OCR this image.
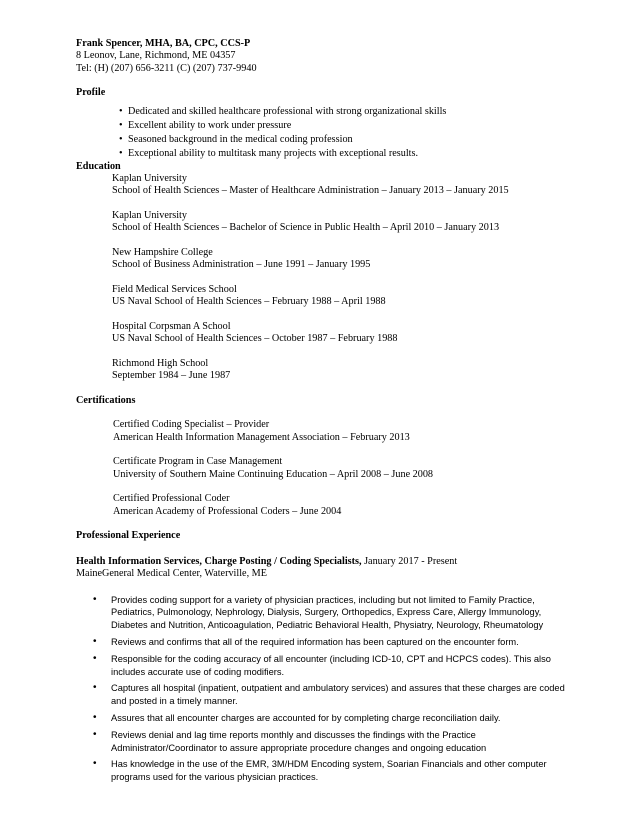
Frank Spencer, MHA, BA, CPC, CCS-P
8 Leonov, Lane, Richmond, ME 04357
Tel: (H) (207) 656-3211 (C) (207) 737-9940
Profile
• Dedicated and skilled healthcare professional with strong organizational skills
• Excellent ability to work under pressure
• Seasoned background in the medical coding profession
• Exceptional ability to multitask many projects with exceptional results.
Education
Kaplan University
School of Health Sciences – Master of Healthcare Administration – January 2013 – January 2015
Kaplan University
School of Health Sciences – Bachelor of Science in Public Health – April 2010 – January 2013
New Hampshire College
School of Business Administration – June 1991 – January 1995
Field Medical Services School
US Naval School of Health Sciences – February 1988 – April 1988
Hospital Corpsman A School
US Naval School of Health Sciences – October 1987 – February 1988
Richmond High School
September 1984 – June 1987
Certifications
Certified Coding Specialist – Provider
American Health Information Management Association – February 2013
Certificate Program in Case Management
University of Southern Maine Continuing Education – April 2008 – June 2008
Certified Professional Coder
American Academy of Professional Coders – June 2004
Professional Experience
Health Information Services, Charge Posting / Coding Specialists, January 2017 - Present
MaineGeneral Medical Center, Waterville, ME
• Provides coding support for a variety of physician practices, including but not limited to Family Practice, Pediatrics, Pulmonology, Nephrology, Dialysis, Surgery, Orthopedics, Express Care, Allergy Immunology, Diabetes and Nutrition, Anticoagulation, Pediatric Behavioral Health, Physiatry, Neurology, Rheumatology
• Reviews and confirms that all of the required information has been captured on the encounter form.
• Responsible for the coding accuracy of all encounter (including ICD-10, CPT and HCPCS codes). This also includes accurate use of coding modifiers.
• Captures all hospital (inpatient, outpatient and ambulatory services) and assures that these charges are coded and posted in a timely manner.
• Assures that all encounter charges are accounted for by completing charge reconciliation daily.
• Reviews denial and lag time reports monthly and discusses the findings with the Practice Administrator/Coordinator to assure appropriate procedure changes and ongoing education
• Has knowledge in the use of the EMR, 3M/HDM Encoding system, Soarian Financials and other computer programs used for the various physician practices.
